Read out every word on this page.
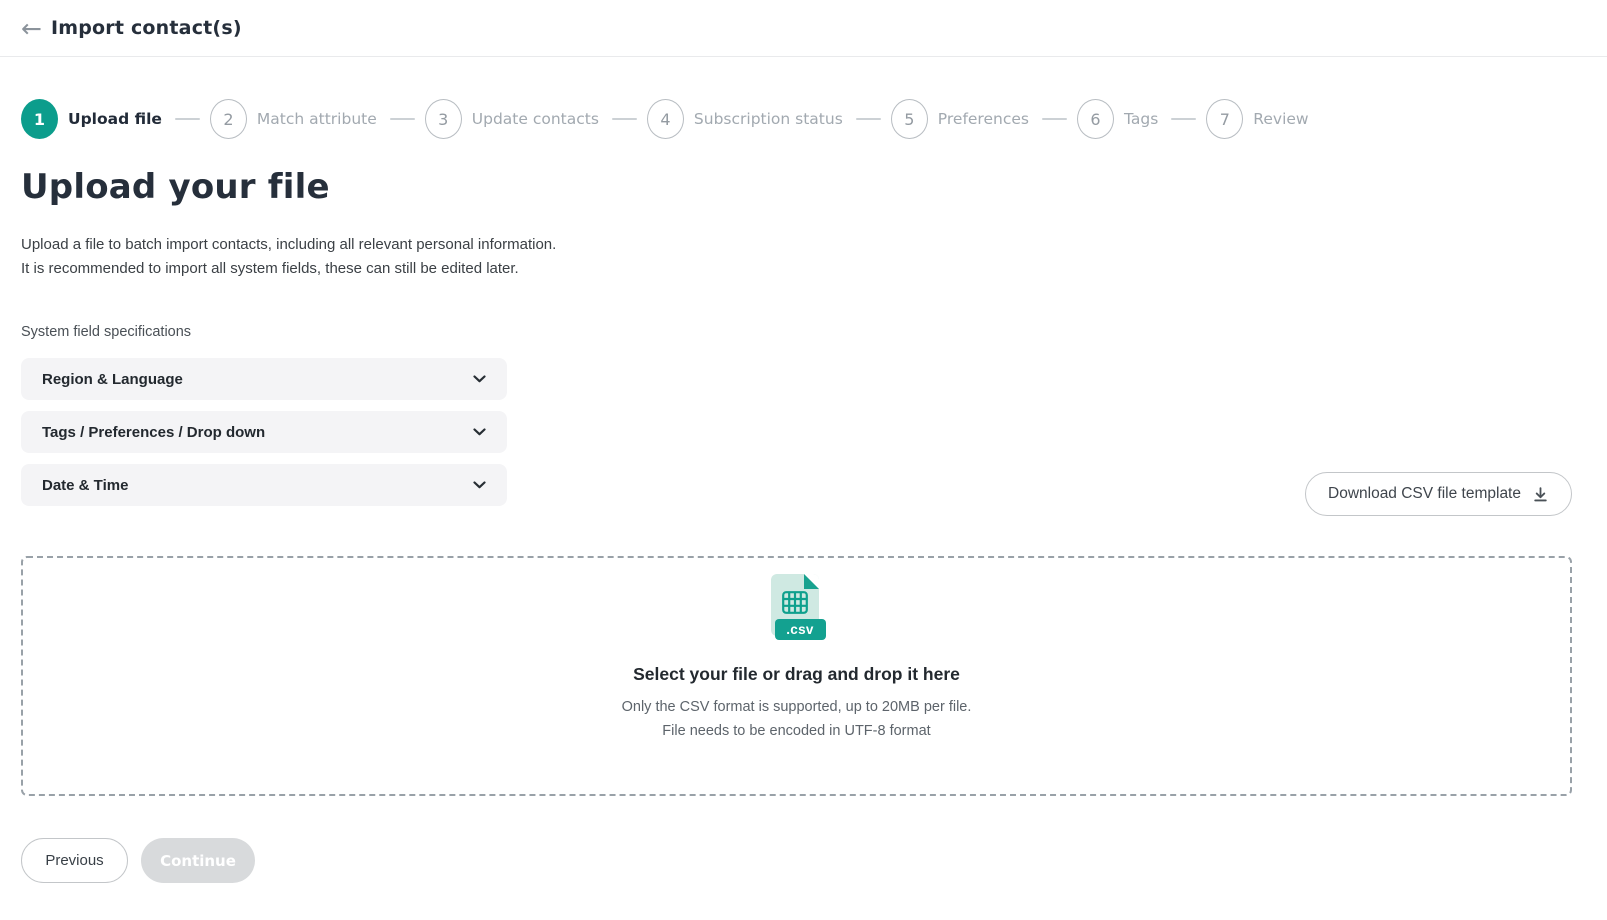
← Import contact(s)
1	Upload file	2	Match attribute	3	Update contacts	4	Subscription status	5	Preferences	6	Tags	7	Review
Upload your file
Upload a file to batch import contacts, including all relevant personal information.
It is recommended to import all system fields, these can still be edited later.
System field specifications
Region & Language
Tags / Preferences / Drop down
Date & Time	Download CSV file template
.csv
Select your file or drag and drop it here
Only the CSV format is supported, up to 20MB per file.
File needs to be encoded in UTF-8 format
Previous	Continue
